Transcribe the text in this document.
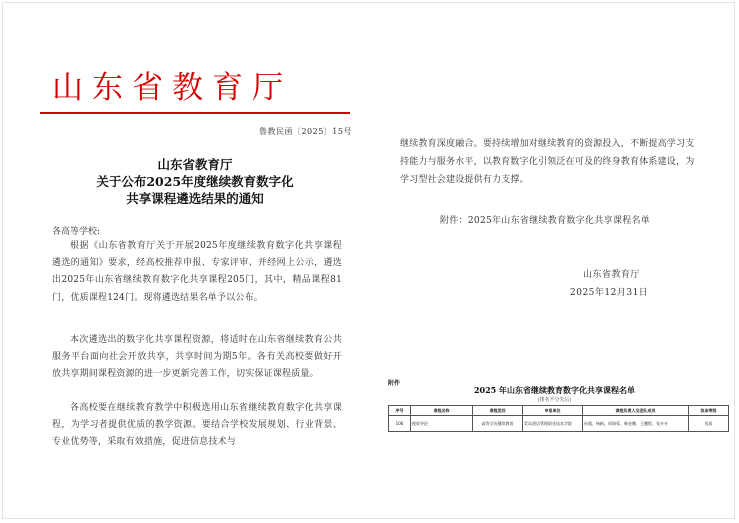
山东省教育厅
鲁教民函〔2025〕15号
山东省教育厅
关于公布2025年度继续教育数字化
共享课程遴选结果的通知
各高等学校:
根据《山东省教育厅关于开展2025年度继续教育数字化共享课程遴选的通知》要求，经高校推荐申报、专家评审、并经网上公示，遴选出2025年山东省继续教育数字化共享课程205门，其中，精品课程81门，优质课程124门。现将遴选结果名单予以公布。
本次遴选出的数字化共享课程资源，将适时在山东省继续教育公共服务平台面向社会开放共享，共享时间为期5年。各有关高校要做好开放共享期间课程资源的进一步更新完善工作，切实保证课程质量。
各高校要在继续教育教学中积极选用山东省继续教育数字化共享课程，为学习者提供优质的教学资源。要结合学校发展规划、行业背景、专业优势等，采取有效措施，促进信息技术与
继续教育深度融合。要持续增加对继续教育的资源投入，不断提高学习支持能力与服务水平，以教育数字化引领泛在可及的终身教育体系建设，为学习型社会建设提供有力支撑。
附件：2025年山东省继续教育数字化共享课程名单
山东省教育厅
2025年12月31日
附件
2025 年山东省继续教育数字化共享课程名单
(排名不分先后)
序号	课程名称	课程类别	申报单位	课程负责人及团队成员	拟命等级
106	税收导论	高等学历继续教育	青岛酒店管理职业技术学院	孙超、杨帆、周海蓉、韩金鹏、王鹏程、张卉卉	优质
